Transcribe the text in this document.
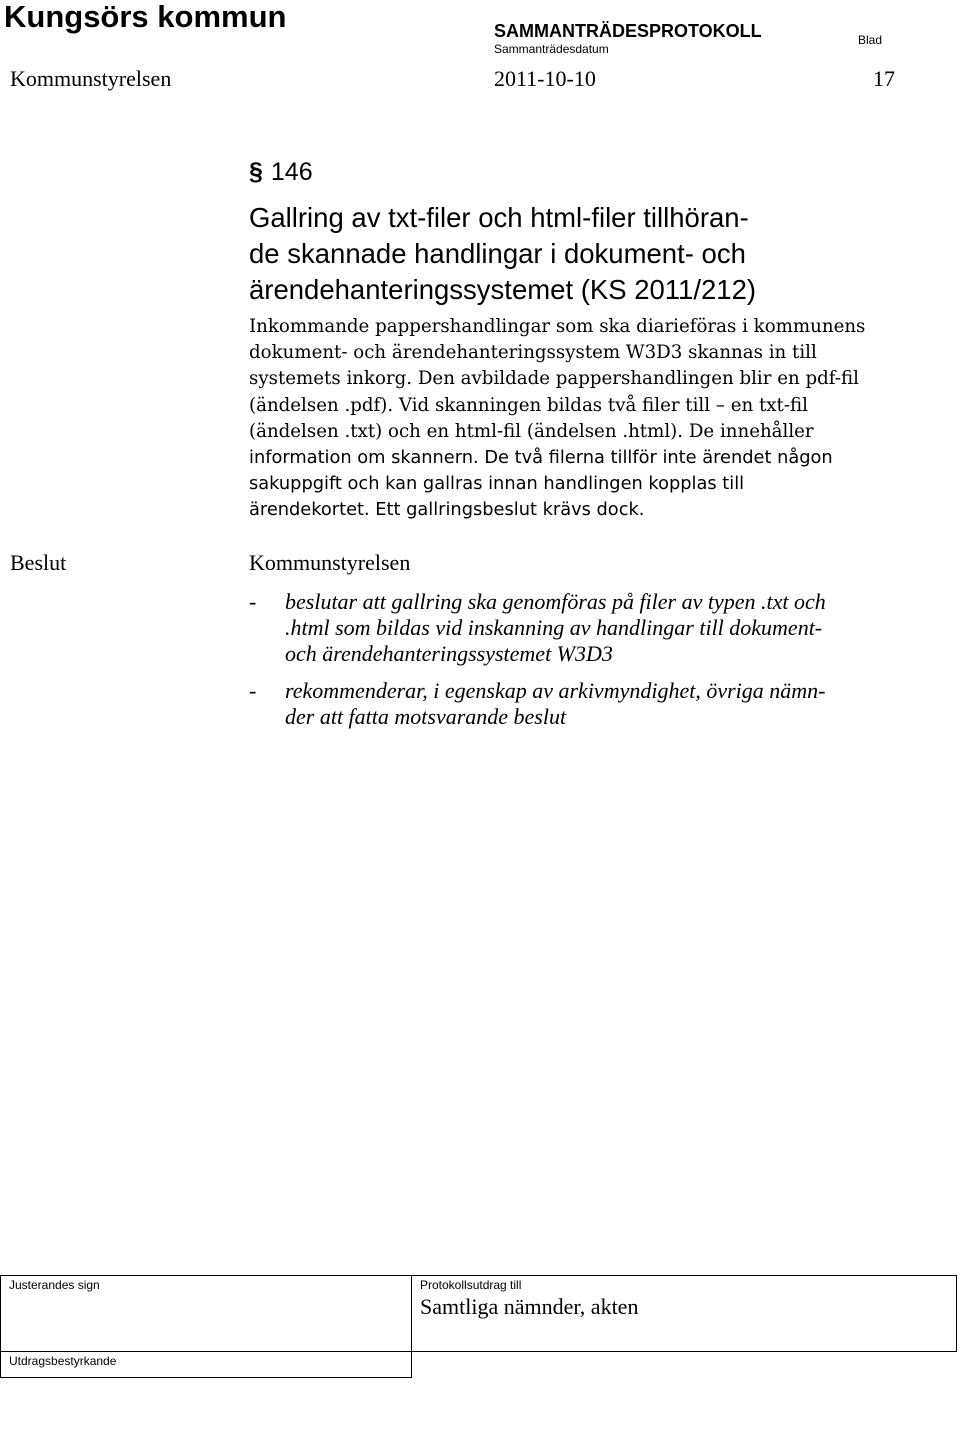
Kungsörs kommun	SAMMANTRÄDESPROTOKOLL
Sammanträdesdatum
Blad
Kommunstyrelsen	2011-10-10	17
§ 146
Gallring av txt-filer och html-filer tillhöran-
de skannade handlingar i dokument- och
ärendehanteringssystemet (KS 2011/212)
Inkommande pappershandlingar som ska diarieföras i kommunens
dokument- och ärendehanteringssystem W3D3 skannas in till
systemets inkorg. Den avbildade pappershandlingen blir en pdf-fil
(ändelsen .pdf). Vid skanningen bildas två filer till – en txt-fil
(ändelsen .txt) och en html-fil (ändelsen .html). De innehåller
information om skannern. De två filerna tillför inte ärendet någon
sakuppgift och kan gallras innan handlingen kopplas till
ärendekortet. Ett gallringsbeslut krävs dock.
Beslut	Kommunstyrelsen
- beslutar att gallring ska genomföras på filer av typen .txt och
.html som bildas vid inskanning av handlingar till dokument-
och ärendehanteringssystemet W3D3
- rekommenderar, i egenskap av arkivmyndighet, övriga nämn-
der att fatta motsvarande beslut
Justerandes sign	Protokollsutdrag till
Samtliga nämnder, akten
Utdragsbestyrkande
